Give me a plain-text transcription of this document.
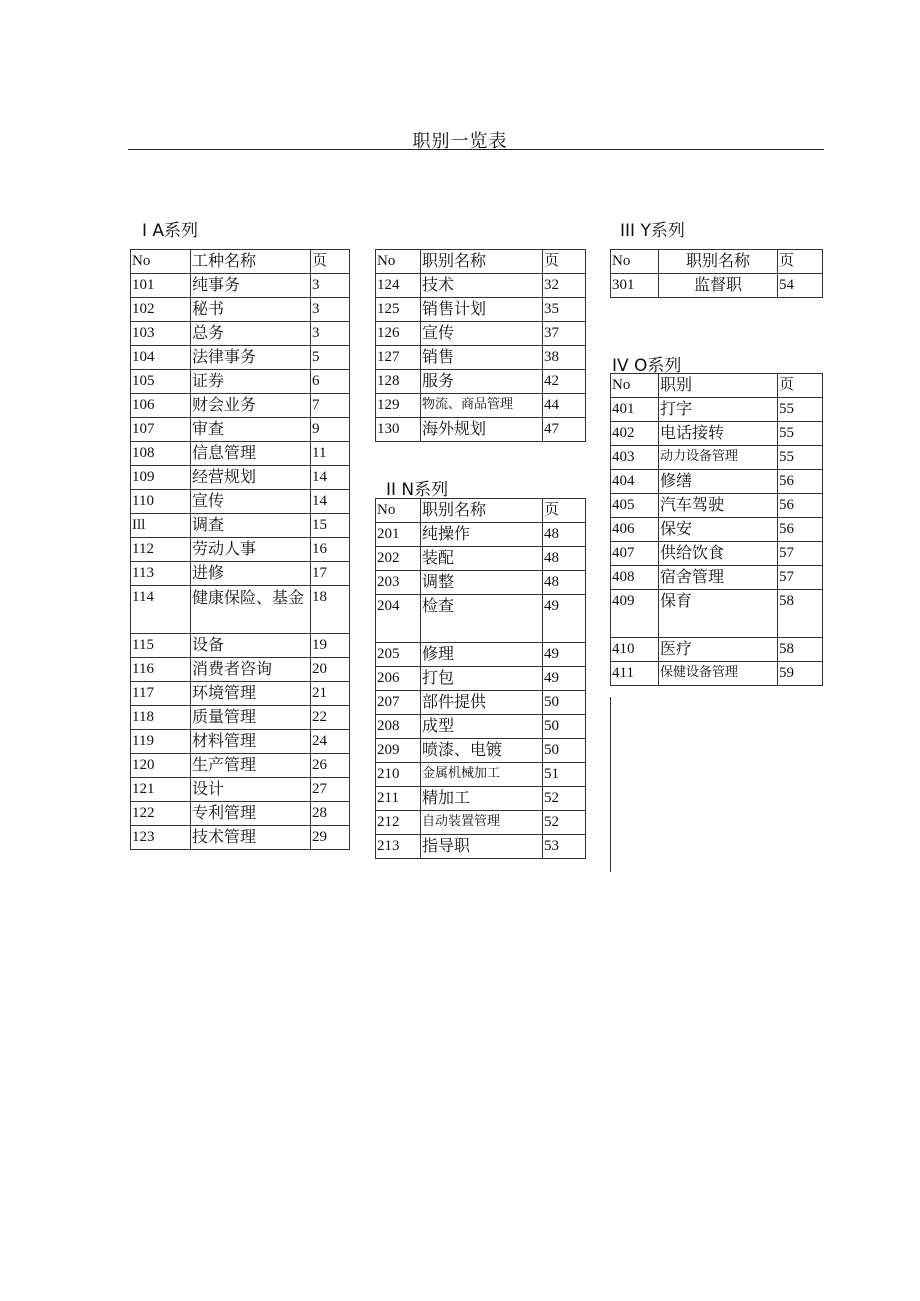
职别一览表
I A系列
II N系列
III Y系列
IV O系列
No	工种名称	页
101	纯事务	3
102	秘书	3
103	总务	3
104	法律事务	5
105	证券	6
106	财会业务	7
107	审查	9
108	信息管理	11
109	经营规划	14
110	宣传	14
Ill	调查	15
112	劳动人事	16
113	进修	17
114	健康保险、基金	18
115	设备	19
116	消费者咨询	20
117	环境管理	21
118	质量管理	22
119	材料管理	24
120	生产管理	26
121	设计	27
122	专利管理	28
123	技术管理	29
No	职别名称	页
124	技术	32
125	销售计划	35
126	宣传	37
127	销售	38
128	服务	42
129	物流、商品管理	44
130	海外规划	47
No	职别名称	页
201	纯操作	48
202	装配	48
203	调整	48
204	检查	49
205	修理	49
206	打包	49
207	部件提供	50
208	成型	50
209	喷漆、电镀	50
210	金属机械加工	51
211	精加工	52
212	自动装置管理	52
213	指导职	53
No	职别名称	页
301	监督职	54
No	职别	页
401	打字	55
402	电话接转	55
403	动力设备管理	55
404	修缮	56
405	汽车驾驶	56
406	保安	56
407	供给饮食	57
408	宿舍管理	57
409	保育	58
410	医疗	58
411	保健设备管理	59
